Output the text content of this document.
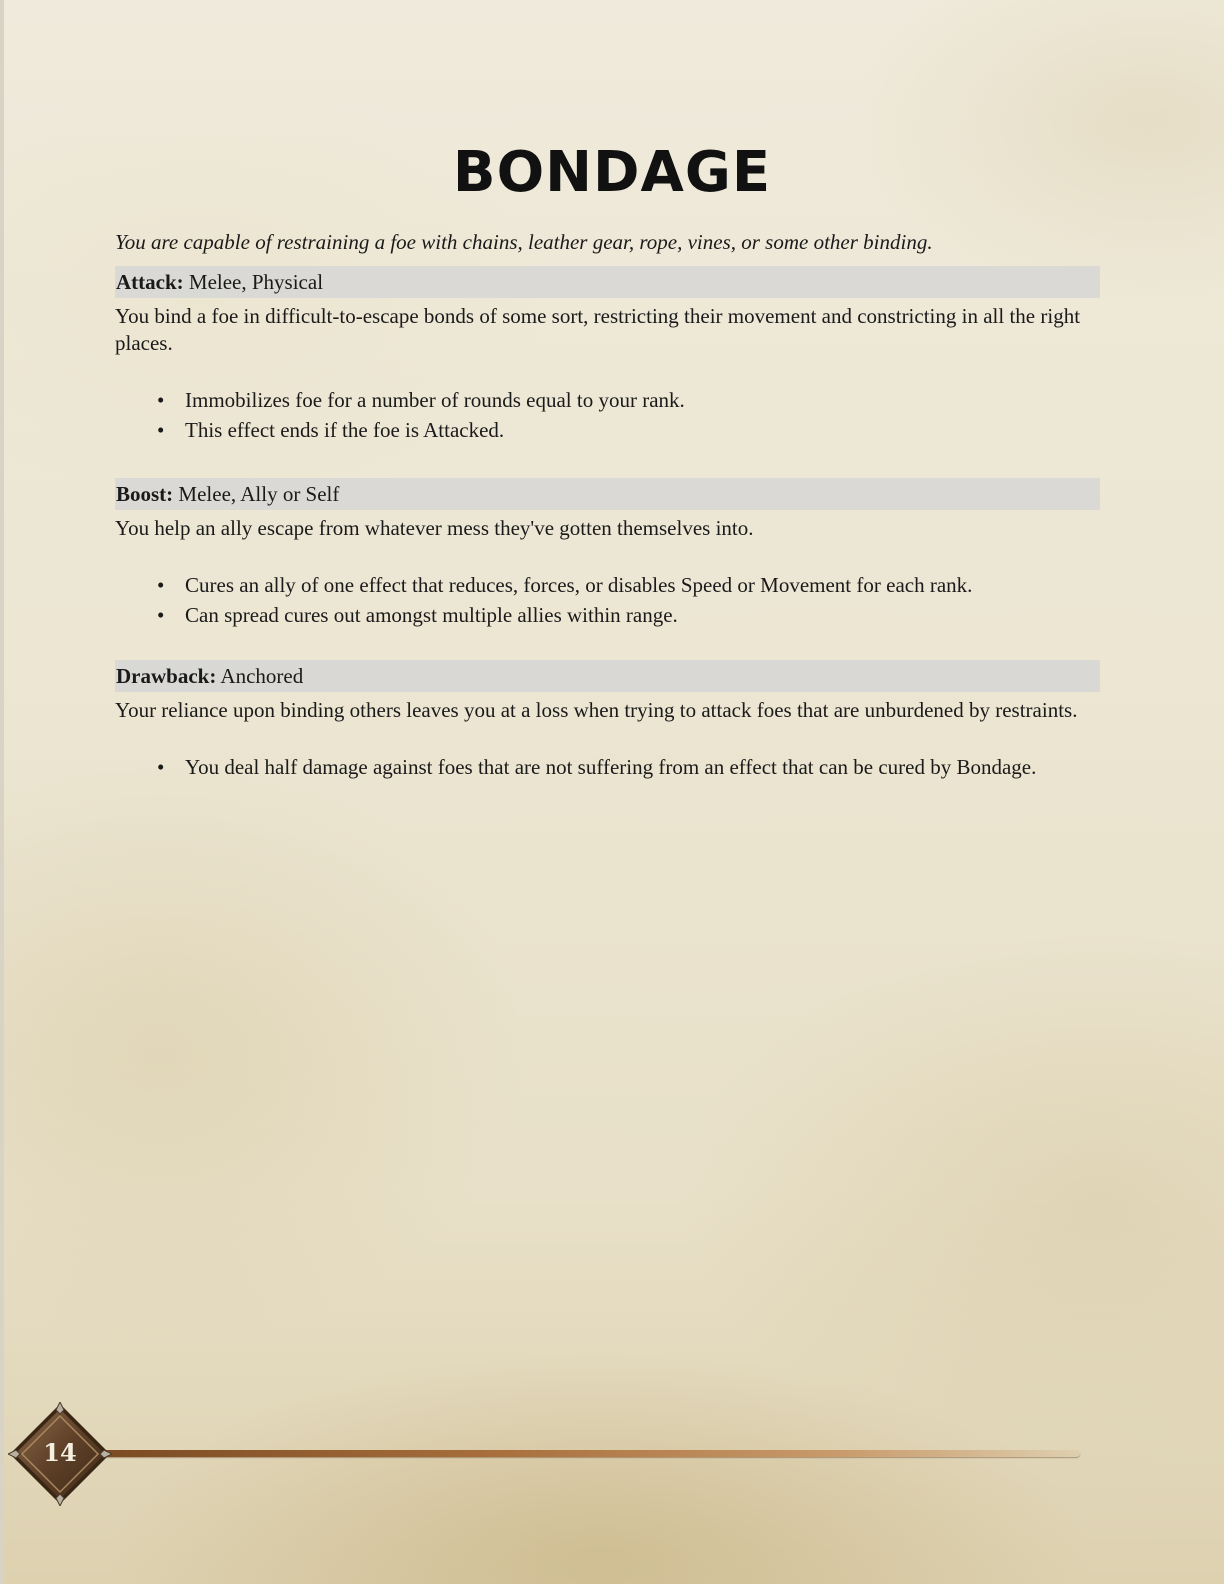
BONDAGE

You are capable of restraining a foe with chains, leather gear, rope, vines, or some other binding.

Attack: Melee, Physical

You bind a foe in difficult-to-escape bonds of some sort, restricting their movement and constricting in all the right places.

• Immobilizes foe for a number of rounds equal to your rank.
• This effect ends if the foe is Attacked.
Boost: Melee, Ally or Self

You help an ally escape from whatever mess they've gotten themselves into.

• Cures an ally of one effect that reduces, forces, or disables Speed or Movement for each rank.
• Can spread cures out amongst multiple allies within range.
Drawback: Anchored

Your reliance upon binding others leaves you at a loss when trying to attack foes that are unburdened by restraints.

• You deal half damage against foes that are not suffering from an effect that can be cured by Bondage.
14
